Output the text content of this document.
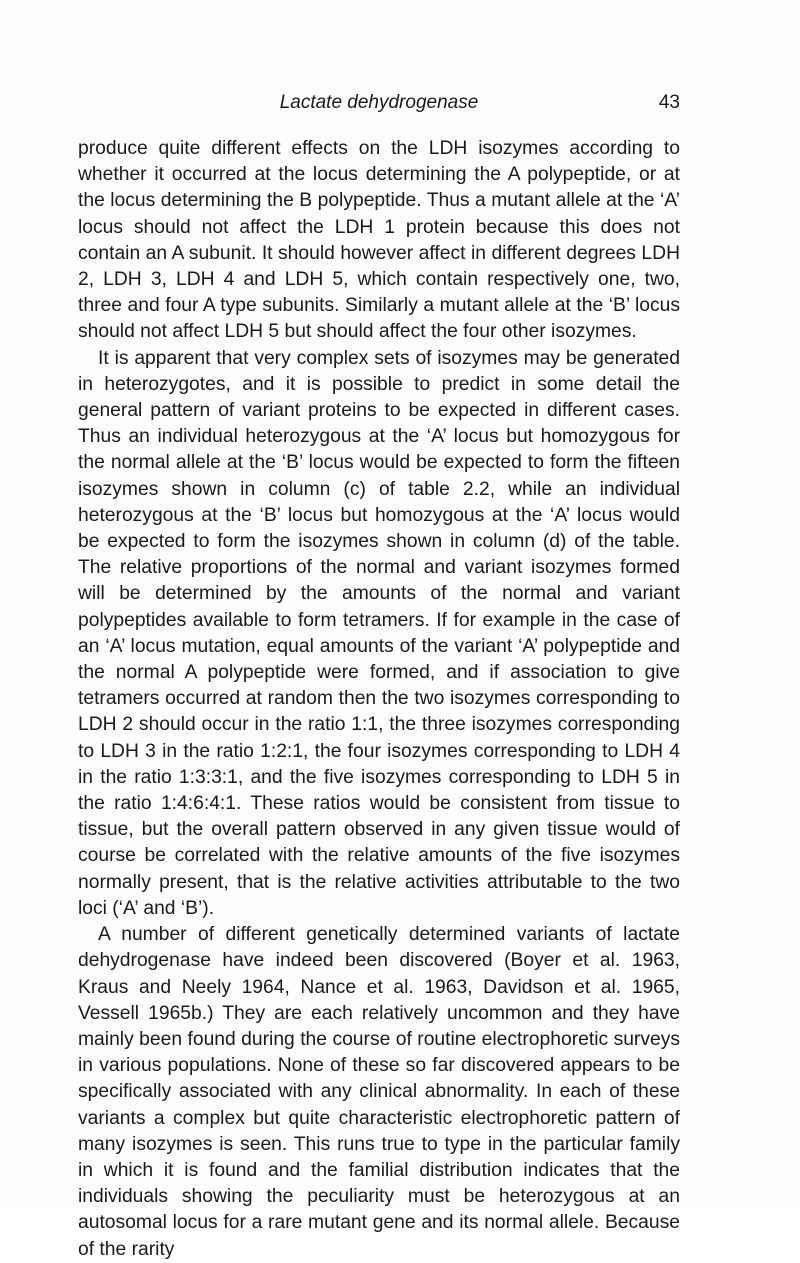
Lactate dehydrogenase	43

produce quite different effects on the LDH isozymes according to whether it occurred at the locus determining the A polypeptide, or at the locus determining the B polypeptide. Thus a mutant allele at the ‘A’ locus should not affect the LDH 1 protein because this does not contain an A subunit. It should however affect in different degrees LDH 2, LDH 3, LDH 4 and LDH 5, which contain respectively one, two, three and four A type subunits. Similarly a mutant allele at the ‘B’ locus should not affect LDH 5 but should affect the four other isozymes.

It is apparent that very complex sets of isozymes may be generated in heterozygotes, and it is possible to predict in some detail the general pattern of variant proteins to be expected in different cases. Thus an individual heterozygous at the ‘A’ locus but homozygous for the normal allele at the ‘B’ locus would be expected to form the fifteen isozymes shown in column (c) of table 2.2, while an individual heterozygous at the ‘B’ locus but homozygous at the ‘A’ locus would be expected to form the isozymes shown in column (d) of the table. The relative proportions of the normal and variant isozymes formed will be determined by the amounts of the normal and variant polypeptides available to form tetramers. If for example in the case of an ‘A’ locus mutation, equal amounts of the variant ‘A’ polypeptide and the normal A polypeptide were formed, and if association to give tetramers occurred at random then the two isozymes corresponding to LDH 2 should occur in the ratio 1:1, the three isozymes corresponding to LDH 3 in the ratio 1:2:1, the four isozymes corresponding to LDH 4 in the ratio 1:3:3:1, and the five isozymes corresponding to LDH 5 in the ratio 1:4:6:4:1. These ratios would be consistent from tissue to tissue, but the overall pattern observed in any given tissue would of course be correlated with the relative amounts of the five isozymes normally present, that is the relative activities attributable to the two loci (‘A’ and ‘B’).

A number of different genetically determined variants of lactate dehydrogenase have indeed been discovered (Boyer et al. 1963, Kraus and Neely 1964, Nance et al. 1963, Davidson et al. 1965, Vessell 1965b.) They are each relatively uncommon and they have mainly been found during the course of routine electrophoretic surveys in various populations. None of these so far discovered appears to be specifically associated with any clinical abnormality. In each of these variants a complex but quite characteristic electrophoretic pattern of many isozymes is seen. This runs true to type in the particular family in which it is found and the familial distribution indicates that the individuals showing the peculiarity must be heterozygous at an autosomal locus for a rare mutant gene and its normal allele. Because of the rarity
